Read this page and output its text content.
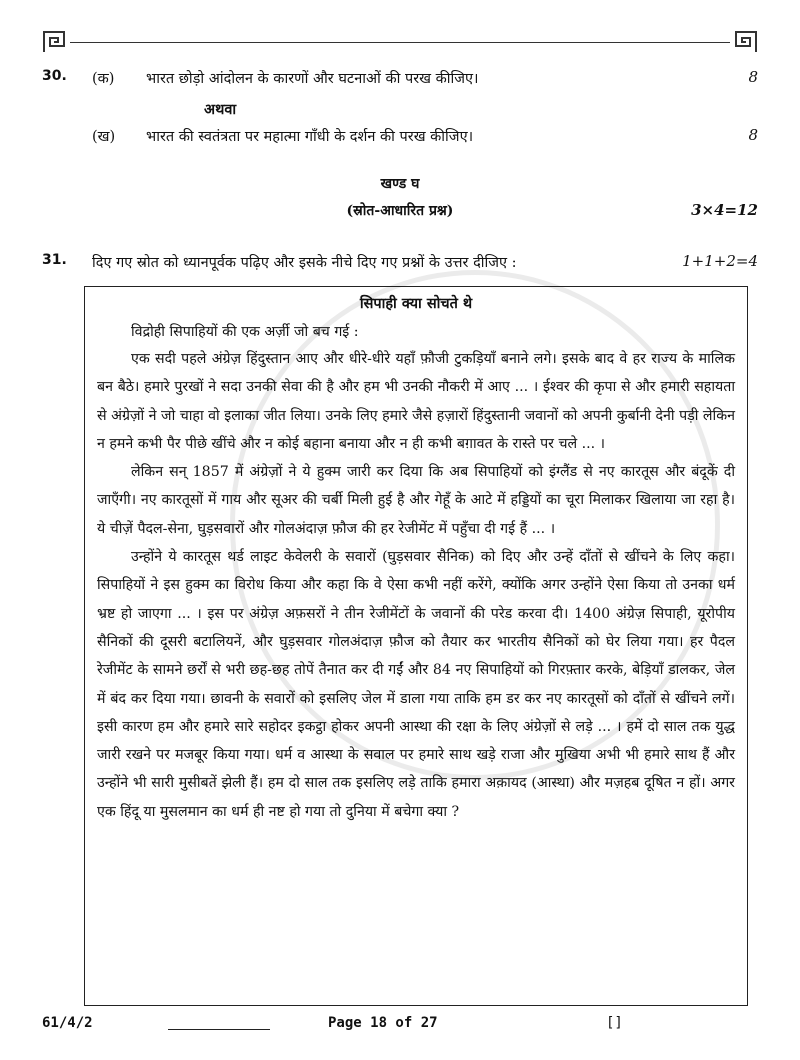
30. (क) भारत छोड़ो आंदोलन के कारणों और घटनाओं की परख कीजिए।	8
अथवा
(ख) भारत की स्वतंत्रता पर महात्मा गाँधी के दर्शन की परख कीजिए।	8
खण्ड घ
(स्रोत-आधारित प्रश्न)	3×4=12
31. दिए गए स्रोत को ध्यानपूर्वक पढ़िए और इसके नीचे दिए गए प्रश्नों के उत्तर दीजिए :	1+1+2=4

सिपाही क्या सोचते थे

विद्रोही सिपाहियों की एक अर्ज़ी जो बच गई :

एक सदी पहले अंग्रेज़ हिंदुस्तान आए और धीरे-धीरे यहाँ फ़ौजी टुकड़ियाँ बनाने लगे। इसके बाद वे हर राज्य के मालिक बन बैठे। हमारे पुरखों ने सदा उनकी सेवा की है और हम भी उनकी नौकरी में आए ... । ईश्वर की कृपा से और हमारी सहायता से अंग्रेज़ों ने जो चाहा वो इलाका जीत लिया। उनके लिए हमारे जैसे हज़ारों हिंदुस्तानी जवानों को अपनी कुर्बानी देनी पड़ी लेकिन न हमने कभी पैर पीछे खींचे और न कोई बहाना बनाया और न ही कभी बग़ावत के रास्ते पर चले ... ।

लेकिन सन् 1857 में अंग्रेज़ों ने ये हुक्म जारी कर दिया कि अब सिपाहियों को इंग्लैंड से नए कारतूस और बंदूकें दी जाएँगी। नए कारतूसों में गाय और सूअर की चर्बी मिली हुई है और गेहूँ के आटे में हड्डियों का चूरा मिलाकर खिलाया जा रहा है। ये चीज़ें पैदल-सेना, घुड़सवारों और गोलअंदाज़ फ़ौज की हर रेजीमेंट में पहुँचा दी गई हैं ... ।

उन्होंने ये कारतूस थर्ड लाइट केवेलरी के सवारों (घुड़सवार सैनिक) को दिए और उन्हें दाँतों से खींचने के लिए कहा। सिपाहियों ने इस हुक्म का विरोध किया और कहा कि वे ऐसा कभी नहीं करेंगे, क्योंकि अगर उन्होंने ऐसा किया तो उनका धर्म भ्रष्ट हो जाएगा ... । इस पर अंग्रेज़ अफ़सरों ने तीन रेजीमेंटों के जवानों की परेड करवा दी। 1400 अंग्रेज़ सिपाही, यूरोपीय सैनिकों की दूसरी बटालियनें, और घुड़सवार गोलअंदाज़ फ़ौज को तैयार कर भारतीय सैनिकों को घेर लिया गया। हर पैदल रेजीमेंट के सामने छर्रों से भरी छह-छह तोपें तैनात कर दी गईं और 84 नए सिपाहियों को गिरफ़्तार करके, बेड़ियाँ डालकर, जेल में बंद कर दिया गया। छावनी के सवारों को इसलिए जेल में डाला गया ताकि हम डर कर नए कारतूसों को दाँतों से खींचने लगें। इसी कारण हम और हमारे सारे सहोदर इकट्ठा होकर अपनी आस्था की रक्षा के लिए अंग्रेज़ों से लड़े ... । हमें दो साल तक युद्ध जारी रखने पर मजबूर किया गया। धर्म व आस्था के सवाल पर हमारे साथ खड़े राजा और मुखिया अभी भी हमारे साथ हैं और उन्होंने भी सारी मुसीबतें झेली हैं। हम दो साल तक इसलिए लड़े ताकि हमारा अक़ायद (आस्था) और मज़हब दूषित न हों। अगर एक हिंदू या मुसलमान का धर्म ही नष्ट हो गया तो दुनिया में बचेगा क्या ?

61/4/2	Page 18 of 27	[]
